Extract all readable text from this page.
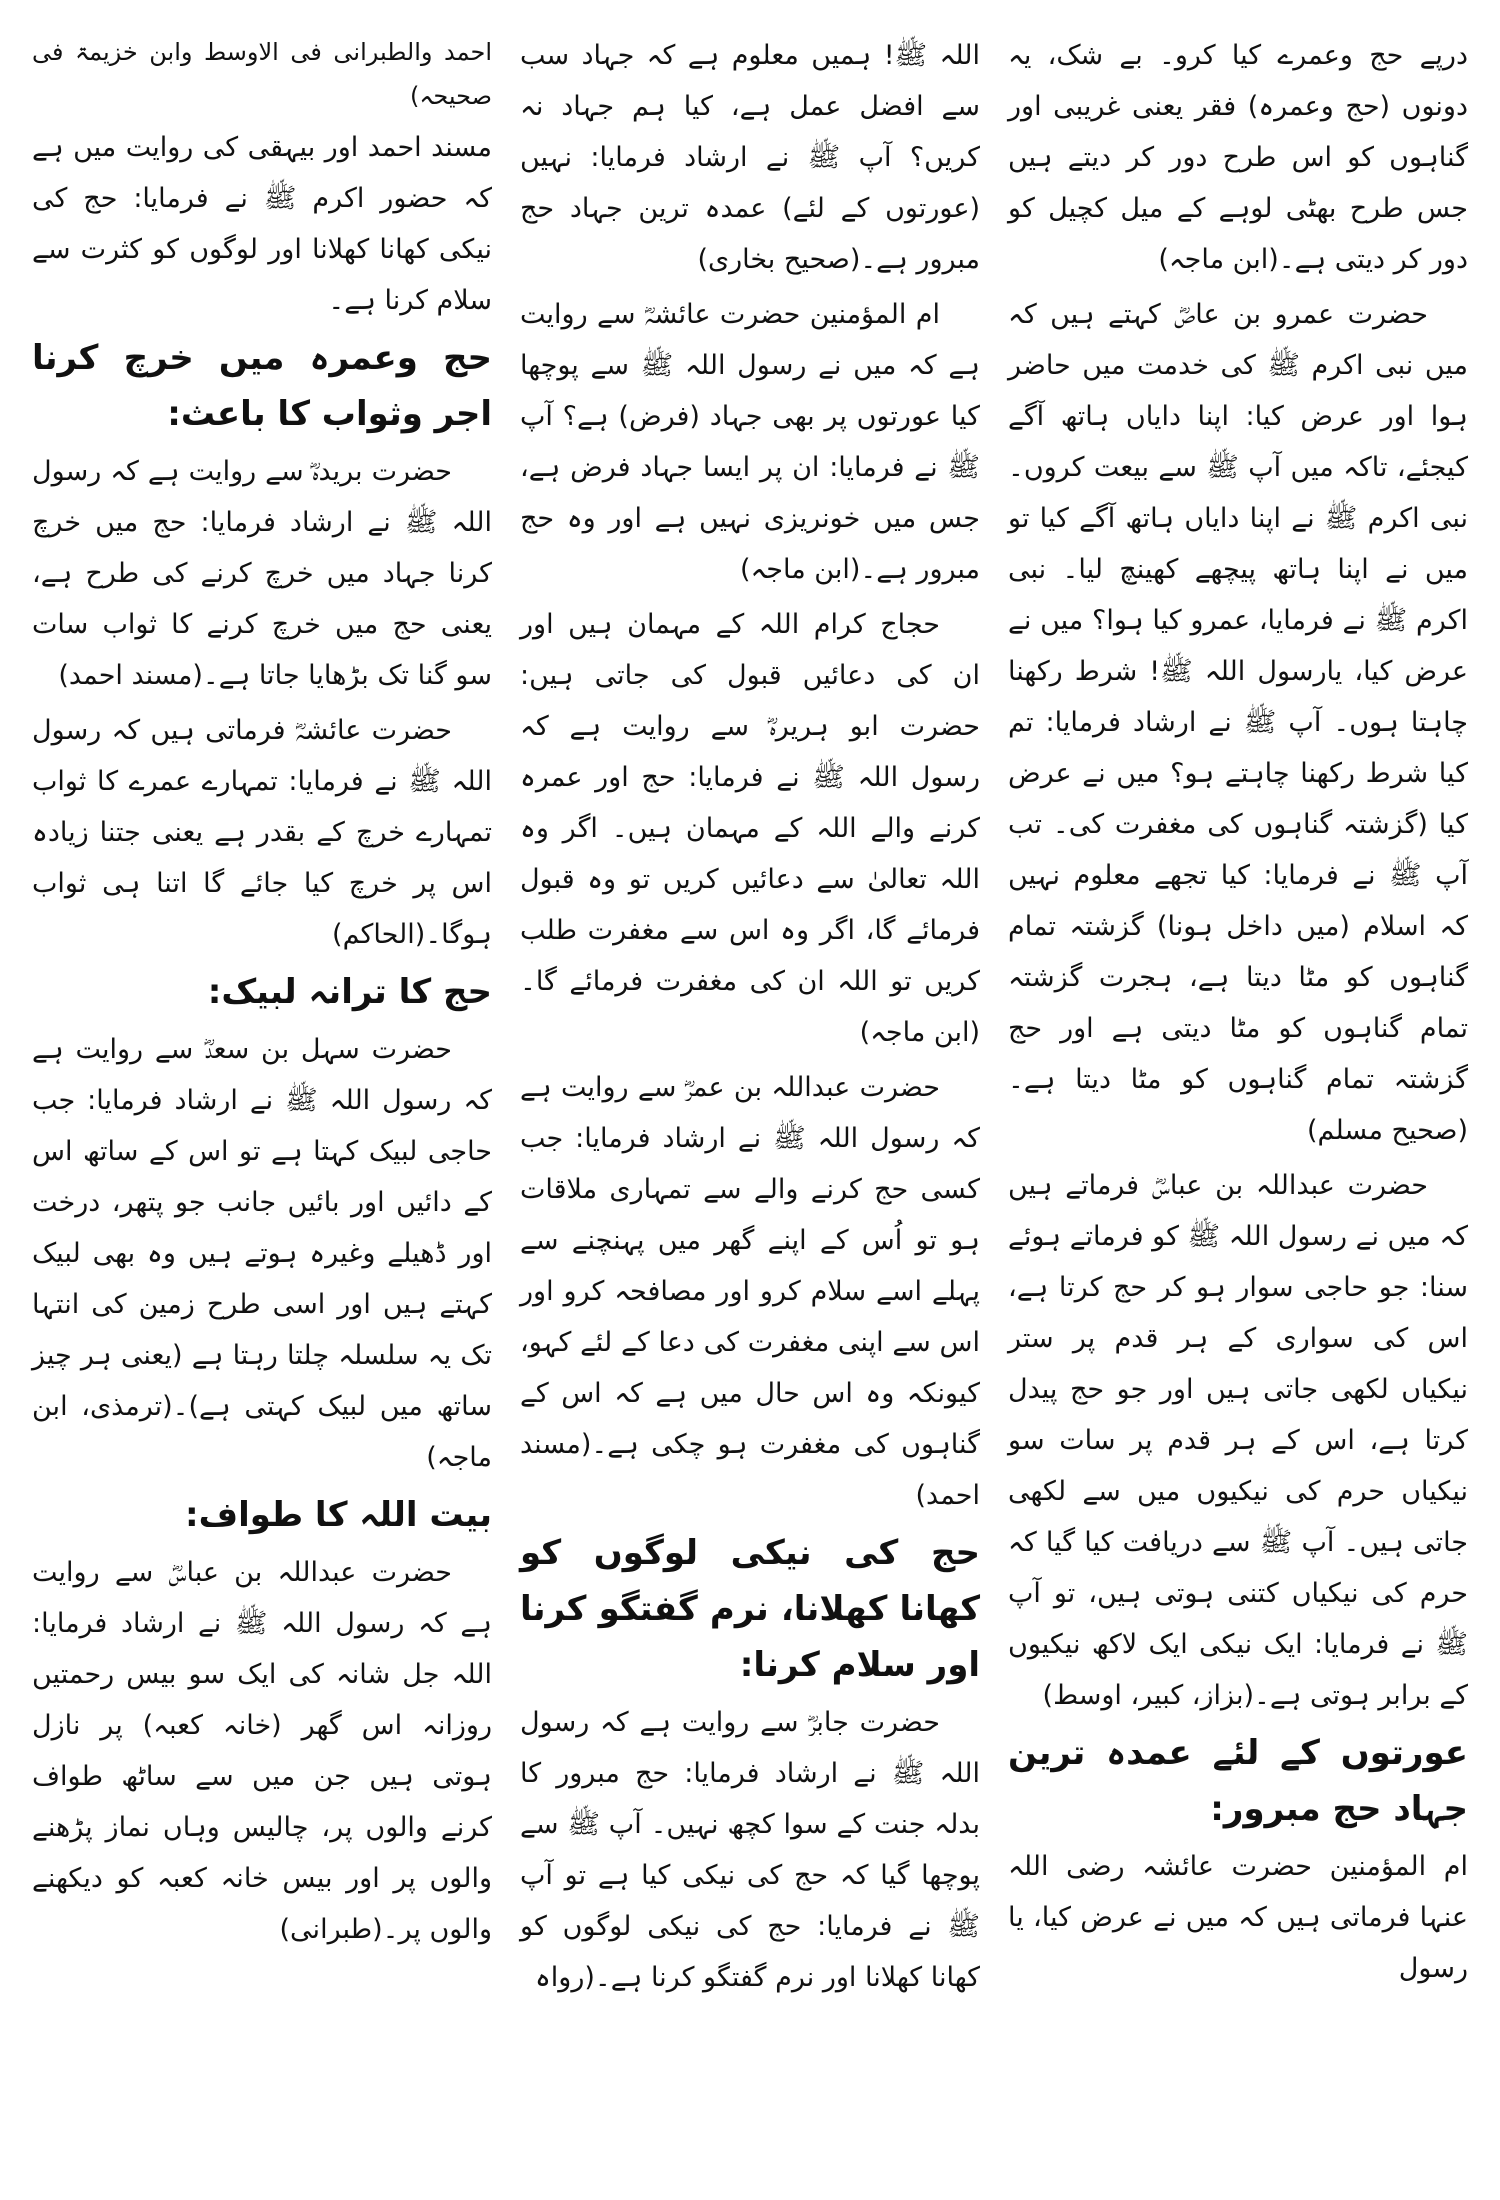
درپے حج وعمرے کیا کرو۔ بے شک، یہ دونوں (حج وعمرہ) فقر یعنی غریبی اور گناہوں کو اس طرح دور کر دیتے ہیں جس طرح بھٹی لوہے کے میل کچیل کو دور کر دیتی ہے۔(ابن ماجہ)

حضرت عمرو بن عاصؓ کہتے ہیں کہ میں نبی اکرم ﷺ کی خدمت میں حاضر ہوا اور عرض کیا: اپنا دایاں ہاتھ آگے کیجئے، تاکہ میں آپ ﷺ سے بیعت کروں۔ نبی اکرم ﷺ نے اپنا دایاں ہاتھ آگے کیا تو میں نے اپنا ہاتھ پیچھے کھینچ لیا۔ نبی اکرم ﷺ نے فرمایا، عمرو کیا ہوا؟ میں نے عرض کیا، یارسول اللہ ﷺ! شرط رکھنا چاہتا ہوں۔ آپ ﷺ نے ارشاد فرمایا: تم کیا شرط رکھنا چاہتے ہو؟ میں نے عرض کیا (گزشتہ گناہوں کی مغفرت کی۔ تب آپ ﷺ نے فرمایا: کیا تجھے معلوم نہیں کہ اسلام (میں داخل ہونا) گزشتہ تمام گناہوں کو مٹا دیتا ہے، ہجرت گزشتہ تمام گناہوں کو مٹا دیتی ہے اور حج گزشتہ تمام گناہوں کو مٹا دیتا ہے۔(صحیح مسلم)

حضرت عبداللہ بن عباسؓ فرماتے ہیں کہ میں نے رسول اللہ ﷺ کو فرماتے ہوئے سنا: جو حاجی سوار ہو کر حج کرتا ہے، اس کی سواری کے ہر قدم پر ستر نیکیاں لکھی جاتی ہیں اور جو حج پیدل کرتا ہے، اس کے ہر قدم پر سات سو نیکیاں حرم کی نیکیوں میں سے لکھی جاتی ہیں۔ آپ ﷺ سے دریافت کیا گیا کہ حرم کی نیکیاں کتنی ہوتی ہیں، تو آپ ﷺ نے فرمایا: ایک نیکی ایک لاکھ نیکیوں کے برابر ہوتی ہے۔(بزاز، کبیر، اوسط)

عورتوں کے لئے عمدہ ترین جہاد حج مبرور:

ام المؤمنین حضرت عائشہ رضی اللہ عنہا فرماتی ہیں کہ میں نے عرض کیا، یا رسول

اللہ ﷺ! ہمیں معلوم ہے کہ جہاد سب سے افضل عمل ہے، کیا ہم جہاد نہ کریں؟ آپ ﷺ نے ارشاد فرمایا: نہیں (عورتوں کے لئے) عمدہ ترین جہاد حج مبرور ہے۔(صحیح بخاری)

ام المؤمنین حضرت عائشہؓ سے روایت ہے کہ میں نے رسول اللہ ﷺ سے پوچھا کیا عورتوں پر بھی جہاد (فرض) ہے؟ آپ ﷺ نے فرمایا: ان پر ایسا جہاد فرض ہے، جس میں خونریزی نہیں ہے اور وہ حج مبرور ہے۔(ابن ماجہ)

حجاج کرام اللہ کے مہمان ہیں اور ان کی دعائیں قبول کی جاتی ہیں: حضرت ابو ہریرہؓ سے روایت ہے کہ رسول اللہ ﷺ نے فرمایا: حج اور عمرہ کرنے والے اللہ کے مہمان ہیں۔ اگر وہ اللہ تعالیٰ سے دعائیں کریں تو وہ قبول فرمائے گا، اگر وہ اس سے مغفرت طلب کریں تو اللہ ان کی مغفرت فرمائے گا۔(ابن ماجہ)

حضرت عبداللہ بن عمرؓ سے روایت ہے کہ رسول اللہ ﷺ نے ارشاد فرمایا: جب کسی حج کرنے والے سے تمہاری ملاقات ہو تو اُس کے اپنے گھر میں پہنچنے سے پہلے اسے سلام کرو اور مصافحہ کرو اور اس سے اپنی مغفرت کی دعا کے لئے کہو، کیونکہ وہ اس حال میں ہے کہ اس کے گناہوں کی مغفرت ہو چکی ہے۔(مسند احمد)

حج کی نیکی لوگوں کو کھانا کھلانا، نرم گفتگو کرنا اور سلام کرنا:

حضرت جابرؓ سے روایت ہے کہ رسول اللہ ﷺ نے ارشاد فرمایا: حج مبرور کا بدلہ جنت کے سوا کچھ نہیں۔ آپ ﷺ سے پوچھا گیا کہ حج کی نیکی کیا ہے تو آپ ﷺ نے فرمایا: حج کی نیکی لوگوں کو کھانا کھلانا اور نرم گفتگو کرنا ہے۔(رواہ

احمد والطبرانی فی الاوسط وابن خزیمۃ فی صحیحہ)

مسند احمد اور بیہقی کی روایت میں ہے کہ حضور اکرم ﷺ نے فرمایا: حج کی نیکی کھانا کھلانا اور لوگوں کو کثرت سے سلام کرنا ہے۔

حج وعمرہ میں خرچ کرنا اجر وثواب کا باعث:

حضرت بریدہؓ سے روایت ہے کہ رسول اللہ ﷺ نے ارشاد فرمایا: حج میں خرچ کرنا جہاد میں خرچ کرنے کی طرح ہے، یعنی حج میں خرچ کرنے کا ثواب سات سو گنا تک بڑھایا جاتا ہے۔(مسند احمد)

حضرت عائشہؓ فرماتی ہیں کہ رسول اللہ ﷺ نے فرمایا: تمہارے عمرے کا ثواب تمہارے خرچ کے بقدر ہے یعنی جتنا زیادہ اس پر خرچ کیا جائے گا اتنا ہی ثواب ہوگا۔(الحاکم)

حج کا ترانہ لبیک:

حضرت سہل بن سعدؓ سے روایت ہے کہ رسول اللہ ﷺ نے ارشاد فرمایا: جب حاجی لبیک کہتا ہے تو اس کے ساتھ اس کے دائیں اور بائیں جانب جو پتھر، درخت اور ڈھیلے وغیرہ ہوتے ہیں وہ بھی لبیک کہتے ہیں اور اسی طرح زمین کی انتہا تک یہ سلسلہ چلتا رہتا ہے (یعنی ہر چیز ساتھ میں لبیک کہتی ہے)۔(ترمذی، ابن ماجہ)

بیت اللہ کا طواف:

حضرت عبداللہ بن عباسؓ سے روایت ہے کہ رسول اللہ ﷺ نے ارشاد فرمایا: اللہ جل شانہ کی ایک سو بیس رحمتیں روزانہ اس گھر (خانہ کعبہ) پر نازل ہوتی ہیں جن میں سے ساٹھ طواف کرنے والوں پر، چالیس وہاں نماز پڑھنے والوں پر اور بیس خانہ کعبہ کو دیکھنے والوں پر۔(طبرانی)
